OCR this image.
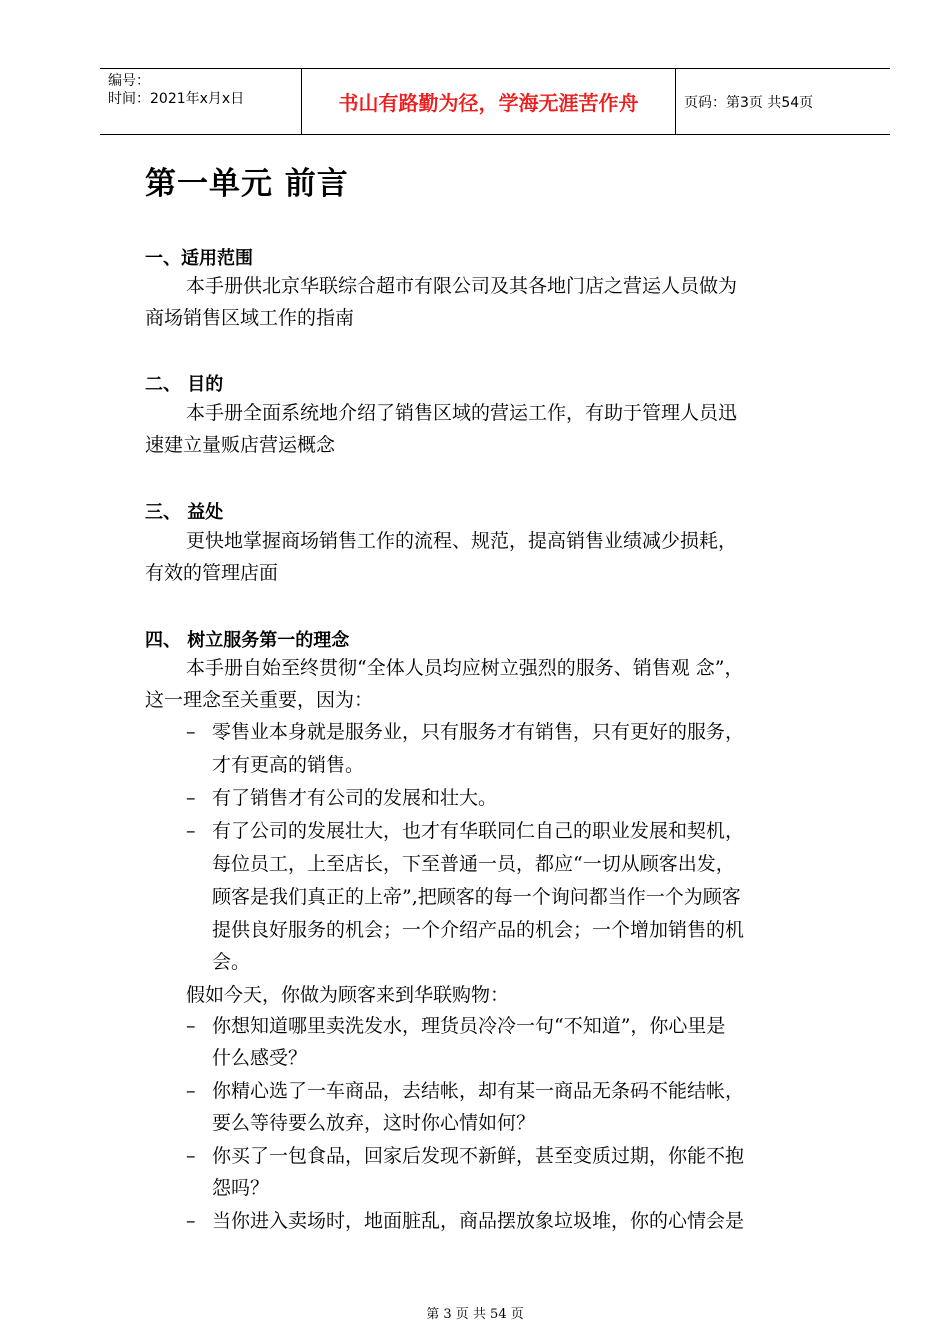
编号：
时间：2021年x月x日	书山有路勤为径，学海无涯苦作舟	页码：第3页 共54页
第一单元 前言
一、适用范围
本手册供北京华联综合超市有限公司及其各地门店之营运人员做为
商场销售区域工作的指南
二、 目的
本手册全面系统地介绍了销售区域的营运工作，有助于管理人员迅
速建立量贩店营运概念
三、 益处
更快地掌握商场销售工作的流程、规范，提高销售业绩减少损耗，
有效的管理店面
四、 树立服务第一的理念
本手册自始至终贯彻“全体人员均应树立强烈的服务、销售观 念”，
这一理念至关重要，因为：
– 零售业本身就是服务业，只有服务才有销售，只有更好的服务，
才有更高的销售。
– 有了销售才有公司的发展和壮大。
– 有了公司的发展壮大，也才有华联同仁自己的职业发展和契机，
每位员工，上至店长，下至普通一员，都应“一切从顾客出发，
顾客是我们真正的上帝”,把顾客的每一个询问都当作一个为顾客
提供良好服务的机会；一个介绍产品的机会；一个增加销售的机
会。
假如今天，你做为顾客来到华联购物：
– 你想知道哪里卖洗发水，理货员冷冷一句“不知道”，你心里是
什么感受？
– 你精心选了一车商品，去结帐，却有某一商品无条码不能结帐，
要么等待要么放弃，这时你心情如何？
– 你买了一包食品，回家后发现不新鲜，甚至变质过期，你能不抱
怨吗？
– 当你进入卖场时，地面脏乱，商品摆放象垃圾堆，你的心情会是
第 3 页 共 54 页
